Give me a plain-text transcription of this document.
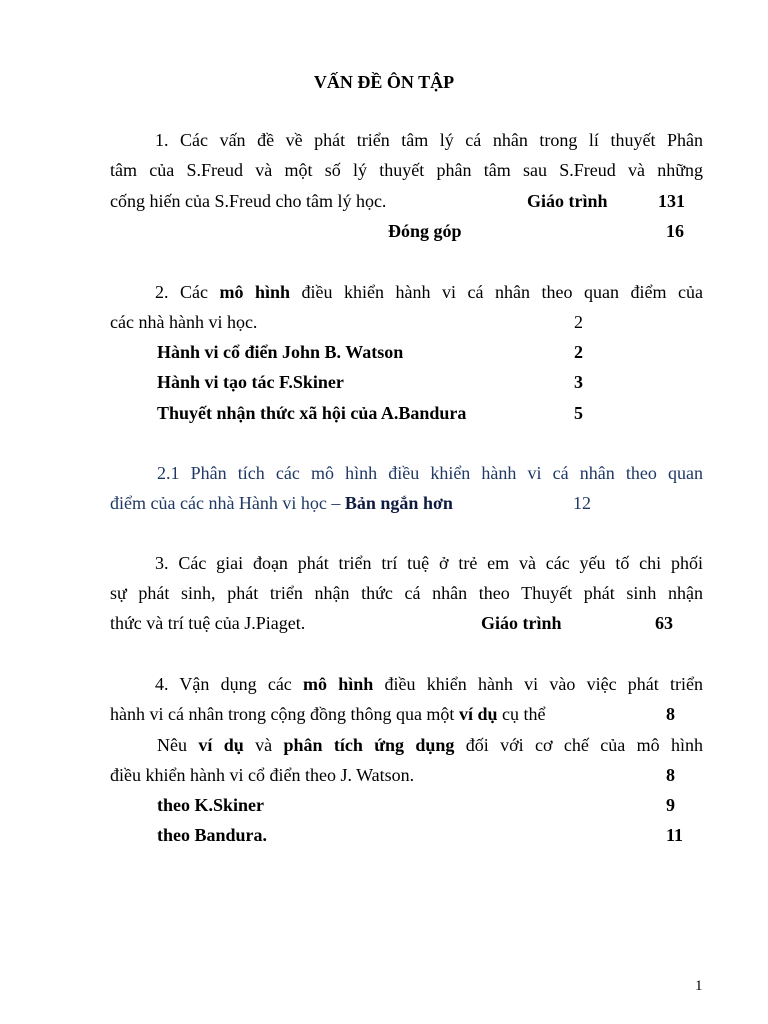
VẤN ĐỀ ÔN TẬP
1. Các vấn đề về phát triển tâm lý cá nhân trong lí thuyết Phân
tâm của S.Freud và một số lý thuyết phân tâm sau S.Freud và những
cống hiến của S.Freud cho tâm lý học.	Giáo trình	131
Đóng góp	16
2. Các mô hình điều khiển hành vi cá nhân theo quan điểm của
các nhà hành vi học.	2
Hành vi cổ điển John B. Watson	2
Hành vi tạo tác F.Skiner	3
Thuyết nhận thức xã hội của A.Bandura	5
2.1 Phân tích các mô hình điều khiển hành vi cá nhân theo quan
điểm của các nhà Hành vi học – Bản ngắn hơn	12
3. Các giai đoạn phát triển trí tuệ ở trẻ em và các yếu tố chi phối
sự phát sinh, phát triển nhận thức cá nhân theo Thuyết phát sinh nhận
thức và trí tuệ của J.Piaget.	Giáo trình	63
4. Vận dụng các mô hình điều khiển hành vi vào việc phát triển
hành vi cá nhân trong cộng đồng thông qua một ví dụ cụ thể	8
Nêu ví dụ và phân tích ứng dụng đối với cơ chế của mô hình
điều khiển hành vi cổ điển theo J. Watson.	8
theo K.Skiner	9
theo Bandura.	11
1
